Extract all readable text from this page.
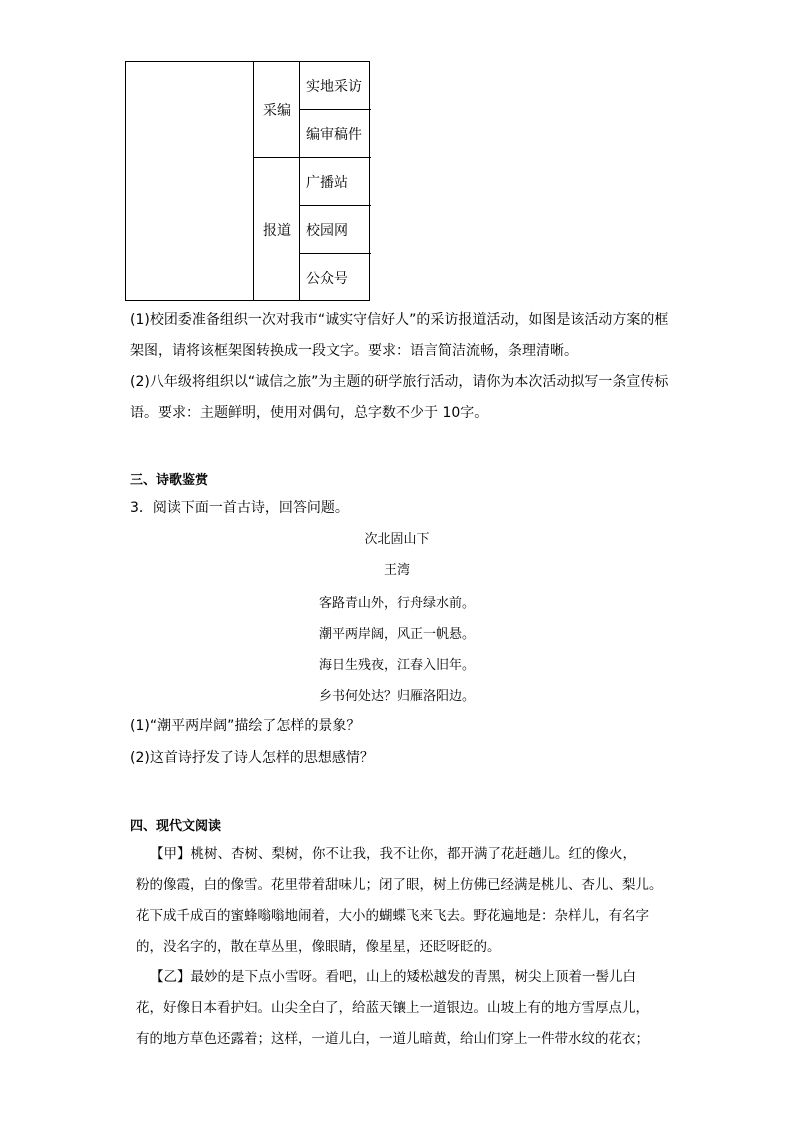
采编
报道
实地采访
编审稿件
广播站
校园网
公众号
(1)校团委准备组织一次对我市“诚实守信好人”的采访报道活动，如图是该活动方案的框
架图，请将该框架图转换成一段文字。要求：语言简洁流畅，条理清晰。
(2)八年级将组织以“诚信之旅”为主题的研学旅行活动，请你为本次活动拟写一条宣传标
语。要求：主题鲜明，使用对偶句，总字数不少于 10字。
三、诗歌鉴赏
3．阅读下面一首古诗，回答问题。
次北固山下
王湾
客路青山外，行舟绿水前。
潮平两岸阔，风正一帆悬。
海日生残夜，江春入旧年。
乡书何处达？归雁洛阳边。
(1)“潮平两岸阔”描绘了怎样的景象？
(2)这首诗抒发了诗人怎样的思想感情？
四、现代文阅读
【甲】桃树、杏树、梨树，你不让我，我不让你，都开满了花赶趟儿。红的像火，
粉的像霞，白的像雪。花里带着甜味儿；闭了眼，树上仿佛已经满是桃儿、杏儿、梨儿。
花下成千成百的蜜蜂嗡嗡地闹着，大小的蝴蝶飞来飞去。野花遍地是：杂样儿，有名字
的，没名字的，散在草丛里，像眼睛，像星星，还眨呀眨的。
【乙】最妙的是下点小雪呀。看吧，山上的矮松越发的青黑，树尖上顶着一髻儿白
花，好像日本看护妇。山尖全白了，给蓝天镶上一道银边。山坡上有的地方雪厚点儿，
有的地方草色还露着；这样，一道儿白，一道儿暗黄，给山们穿上一件带水纹的花衣；
